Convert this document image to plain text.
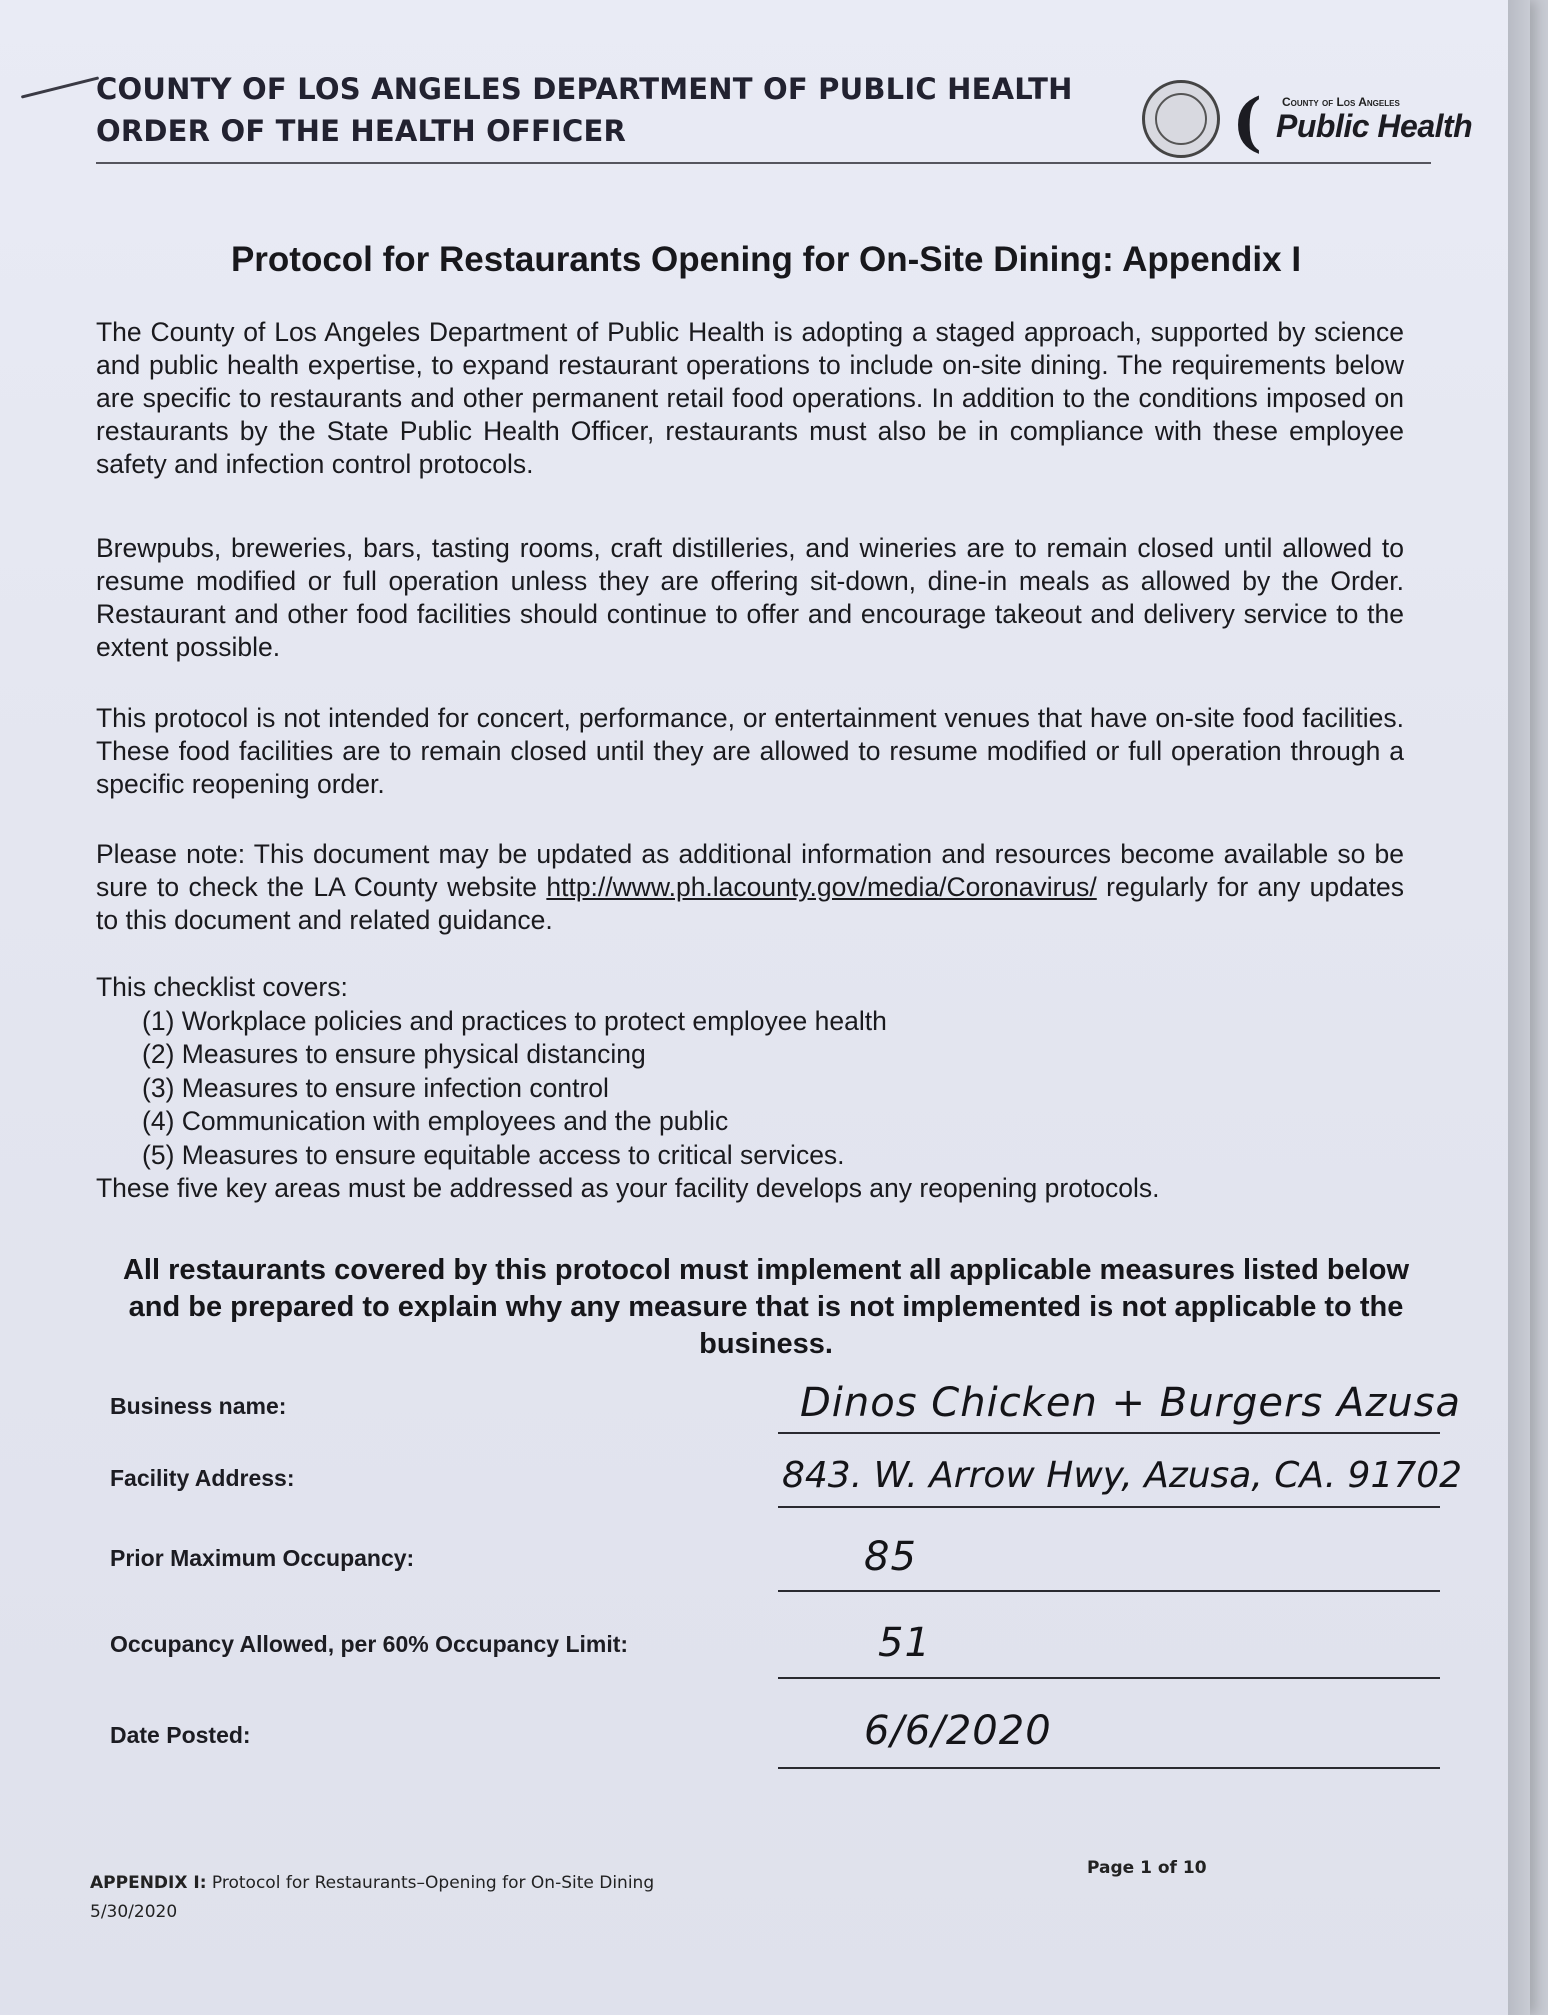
COUNTY OF LOS ANGELES DEPARTMENT OF PUBLIC HEALTH
ORDER OF THE HEALTH OFFICER	(	County of Los Angeles
Public Health
Protocol for Restaurants Opening for On-Site Dining: Appendix I
The County of Los Angeles Department of Public Health is adopting a staged approach, supported by science and public health expertise, to expand restaurant operations to include on-site dining. The requirements below are specific to restaurants and other permanent retail food operations. In addition to the conditions imposed on restaurants by the State Public Health Officer, restaurants must also be in compliance with these employee safety and infection control protocols.
Brewpubs, breweries, bars, tasting rooms, craft distilleries, and wineries are to remain closed until allowed to resume modified or full operation unless they are offering sit-down, dine-in meals as allowed by the Order. Restaurant and other food facilities should continue to offer and encourage takeout and delivery service to the extent possible.
This protocol is not intended for concert, performance, or entertainment venues that have on-site food facilities. These food facilities are to remain closed until they are allowed to resume modified or full operation through a specific reopening order.
Please note: This document may be updated as additional information and resources become available so be sure to check the LA County website http://www.ph.lacounty.gov/media/Coronavirus/ regularly for any updates to this document and related guidance.
This checklist covers:
(1) Workplace policies and practices to protect employee health
(2) Measures to ensure physical distancing
(3) Measures to ensure infection control
(4) Communication with employees and the public
(5) Measures to ensure equitable access to critical services.
These five key areas must be addressed as your facility develops any reopening protocols.
All restaurants covered by this protocol must implement all applicable measures listed below and be prepared to explain why any measure that is not implemented is not applicable to the business.
Business name:	Dinos Chicken + Burgers Azusa
Facility Address:	843. W. Arrow Hwy, Azusa, CA. 91702
Prior Maximum Occupancy:	85
Occupancy Allowed, per 60% Occupancy Limit:	51
Date Posted:	6/6/2020
APPENDIX I: Protocol for Restaurants–Opening for On-Site Dining
5/30/2020
Page 1 of 10
